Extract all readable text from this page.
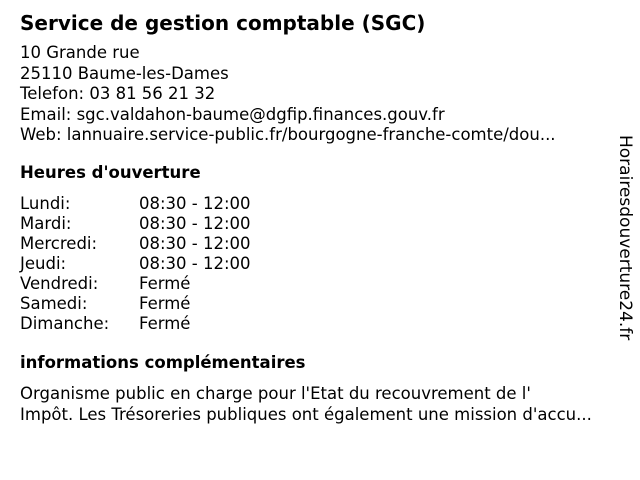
Service de gestion comptable (SGC)
10 Grande rue
25110 Baume-les-Dames
Telefon: 03 81 56 21 32
Email: sgc.valdahon-baume@dgfip.finances.gouv.fr
Web: lannuaire.service-public.fr/bourgogne-franche-comte/dou...
Heures d'ouverture
Lundi:	08:30 - 12:00
Mardi:	08:30 - 12:00
Mercredi:	08:30 - 12:00
Jeudi:	08:30 - 12:00
Vendredi: Fermé
Samedi:	Fermé
Dimanche: Fermé
informations complémentaires
Organisme public en charge pour l'Etat du recouvrement de l'
Impôt. Les Trésoreries publiques ont également une mission d'accu...
Horairesdouverture24.fr
